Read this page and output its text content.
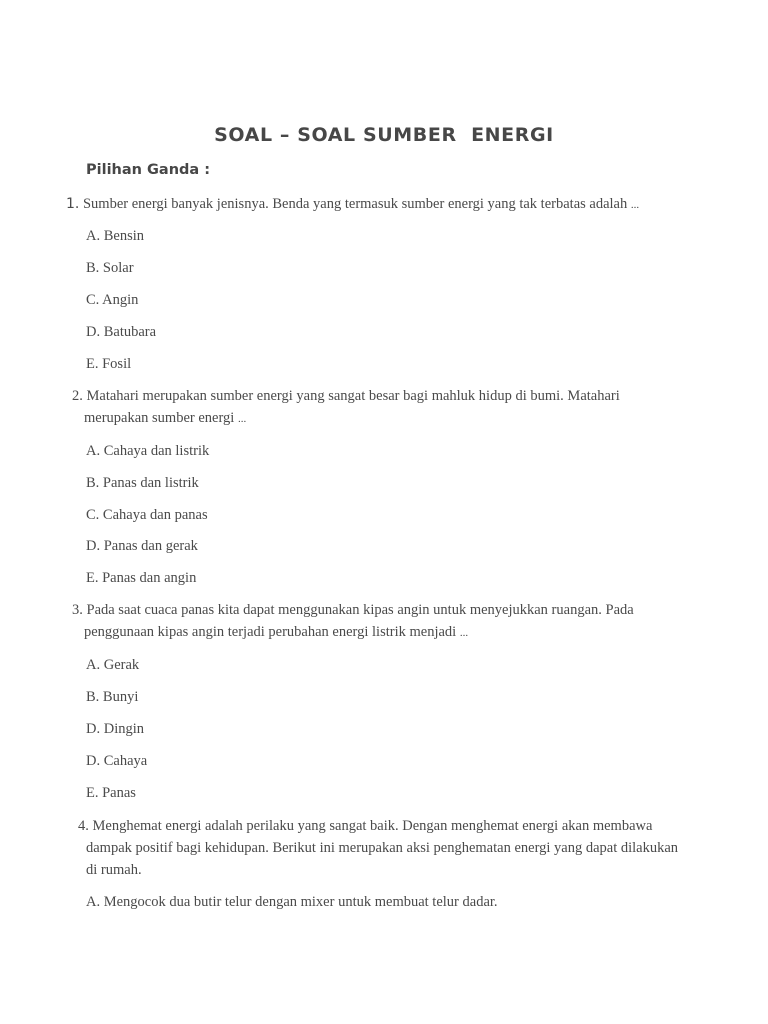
SOAL – SOAL SUMBER  ENERGI
Pilihan Ganda :
1. Sumber energi banyak jenisnya. Benda yang termasuk sumber energi yang tak terbatas adalah ...
A. Bensin
B. Solar
C. Angin
D. Batubara
E. Fosil
2. Matahari merupakan sumber energi yang sangat besar bagi mahluk hidup di bumi. Matahari
merupakan sumber energi ...
A. Cahaya dan listrik
B. Panas dan listrik
C. Cahaya dan panas
D. Panas dan gerak
E. Panas dan angin
3. Pada saat cuaca panas kita dapat menggunakan kipas angin untuk menyejukkan ruangan. Pada
penggunaan kipas angin terjadi perubahan energi listrik menjadi ...
A. Gerak
B. Bunyi
D. Dingin
D. Cahaya
E. Panas
4. Menghemat energi adalah perilaku yang sangat baik. Dengan menghemat energi akan membawa
dampak positif bagi kehidupan. Berikut ini merupakan aksi penghematan energi yang dapat dilakukan
di rumah.
A. Mengocok dua butir telur dengan mixer untuk membuat telur dadar.
